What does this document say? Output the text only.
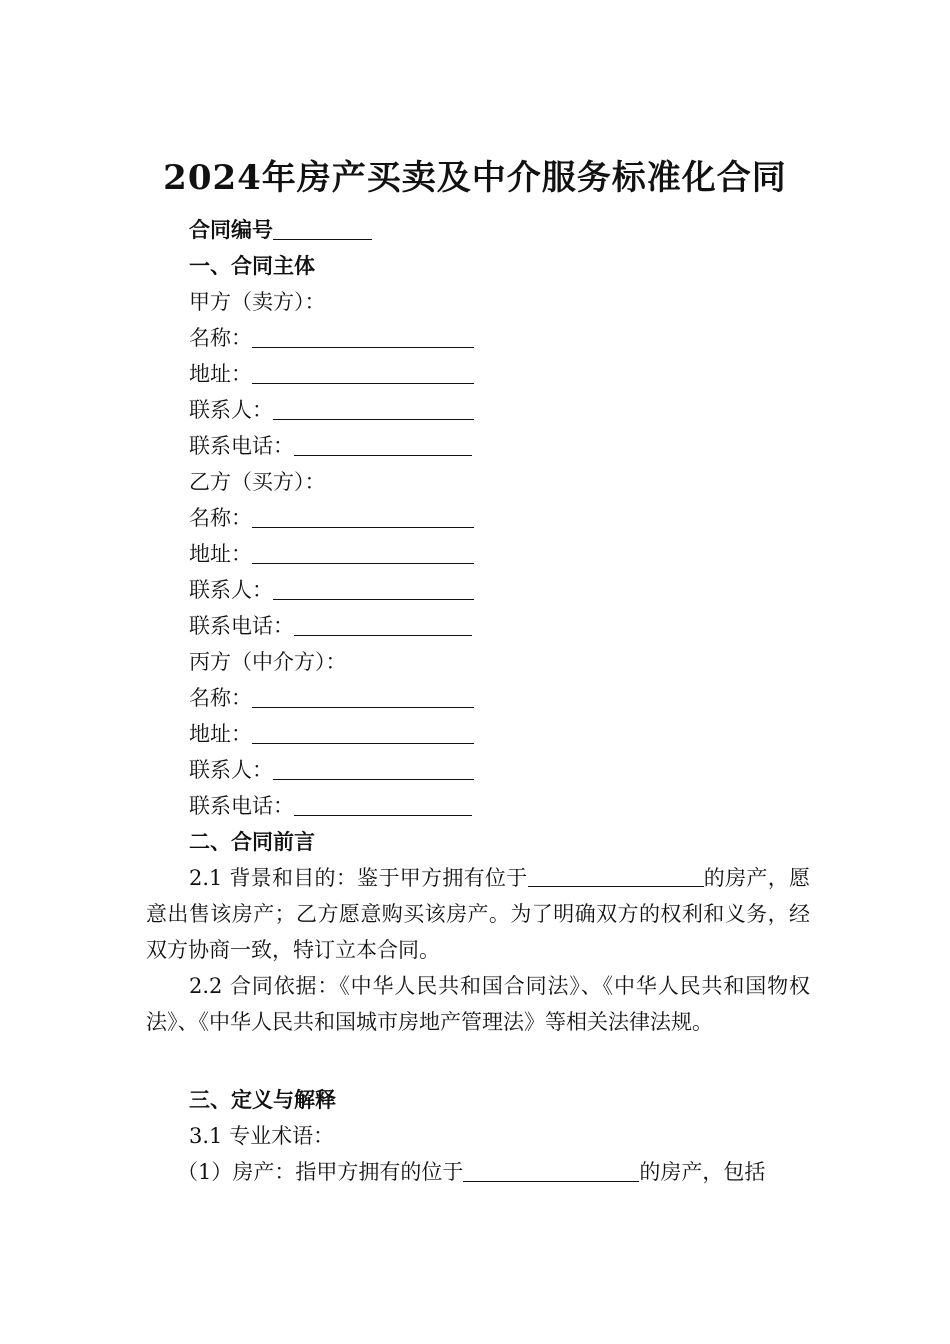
2024年房产买卖及中介服务标准化合同
合同编号
一、合同主体
甲方（卖方）：
名称：
地址：
联系人：
联系电话：
乙方（买方）：
名称：
地址：
联系人：
联系电话：
丙方（中介方）：
名称：
地址：
联系人：
联系电话：
二、合同前言
2.1 背景和目的：鉴于甲方拥有位于	的房产，愿意出售该房产；乙方愿意购买该房产。为了明确双方的权利和义务，经双方协商一致，特订立本合同。
2.2 合同依据：《中华人民共和国合同法》、《中华人民共和国物权法》、《中华人民共和国城市房地产管理法》等相关法律法规。
三、定义与解释
3.1 专业术语：
（1）房产：指甲方拥有的位于	的房产，包括
